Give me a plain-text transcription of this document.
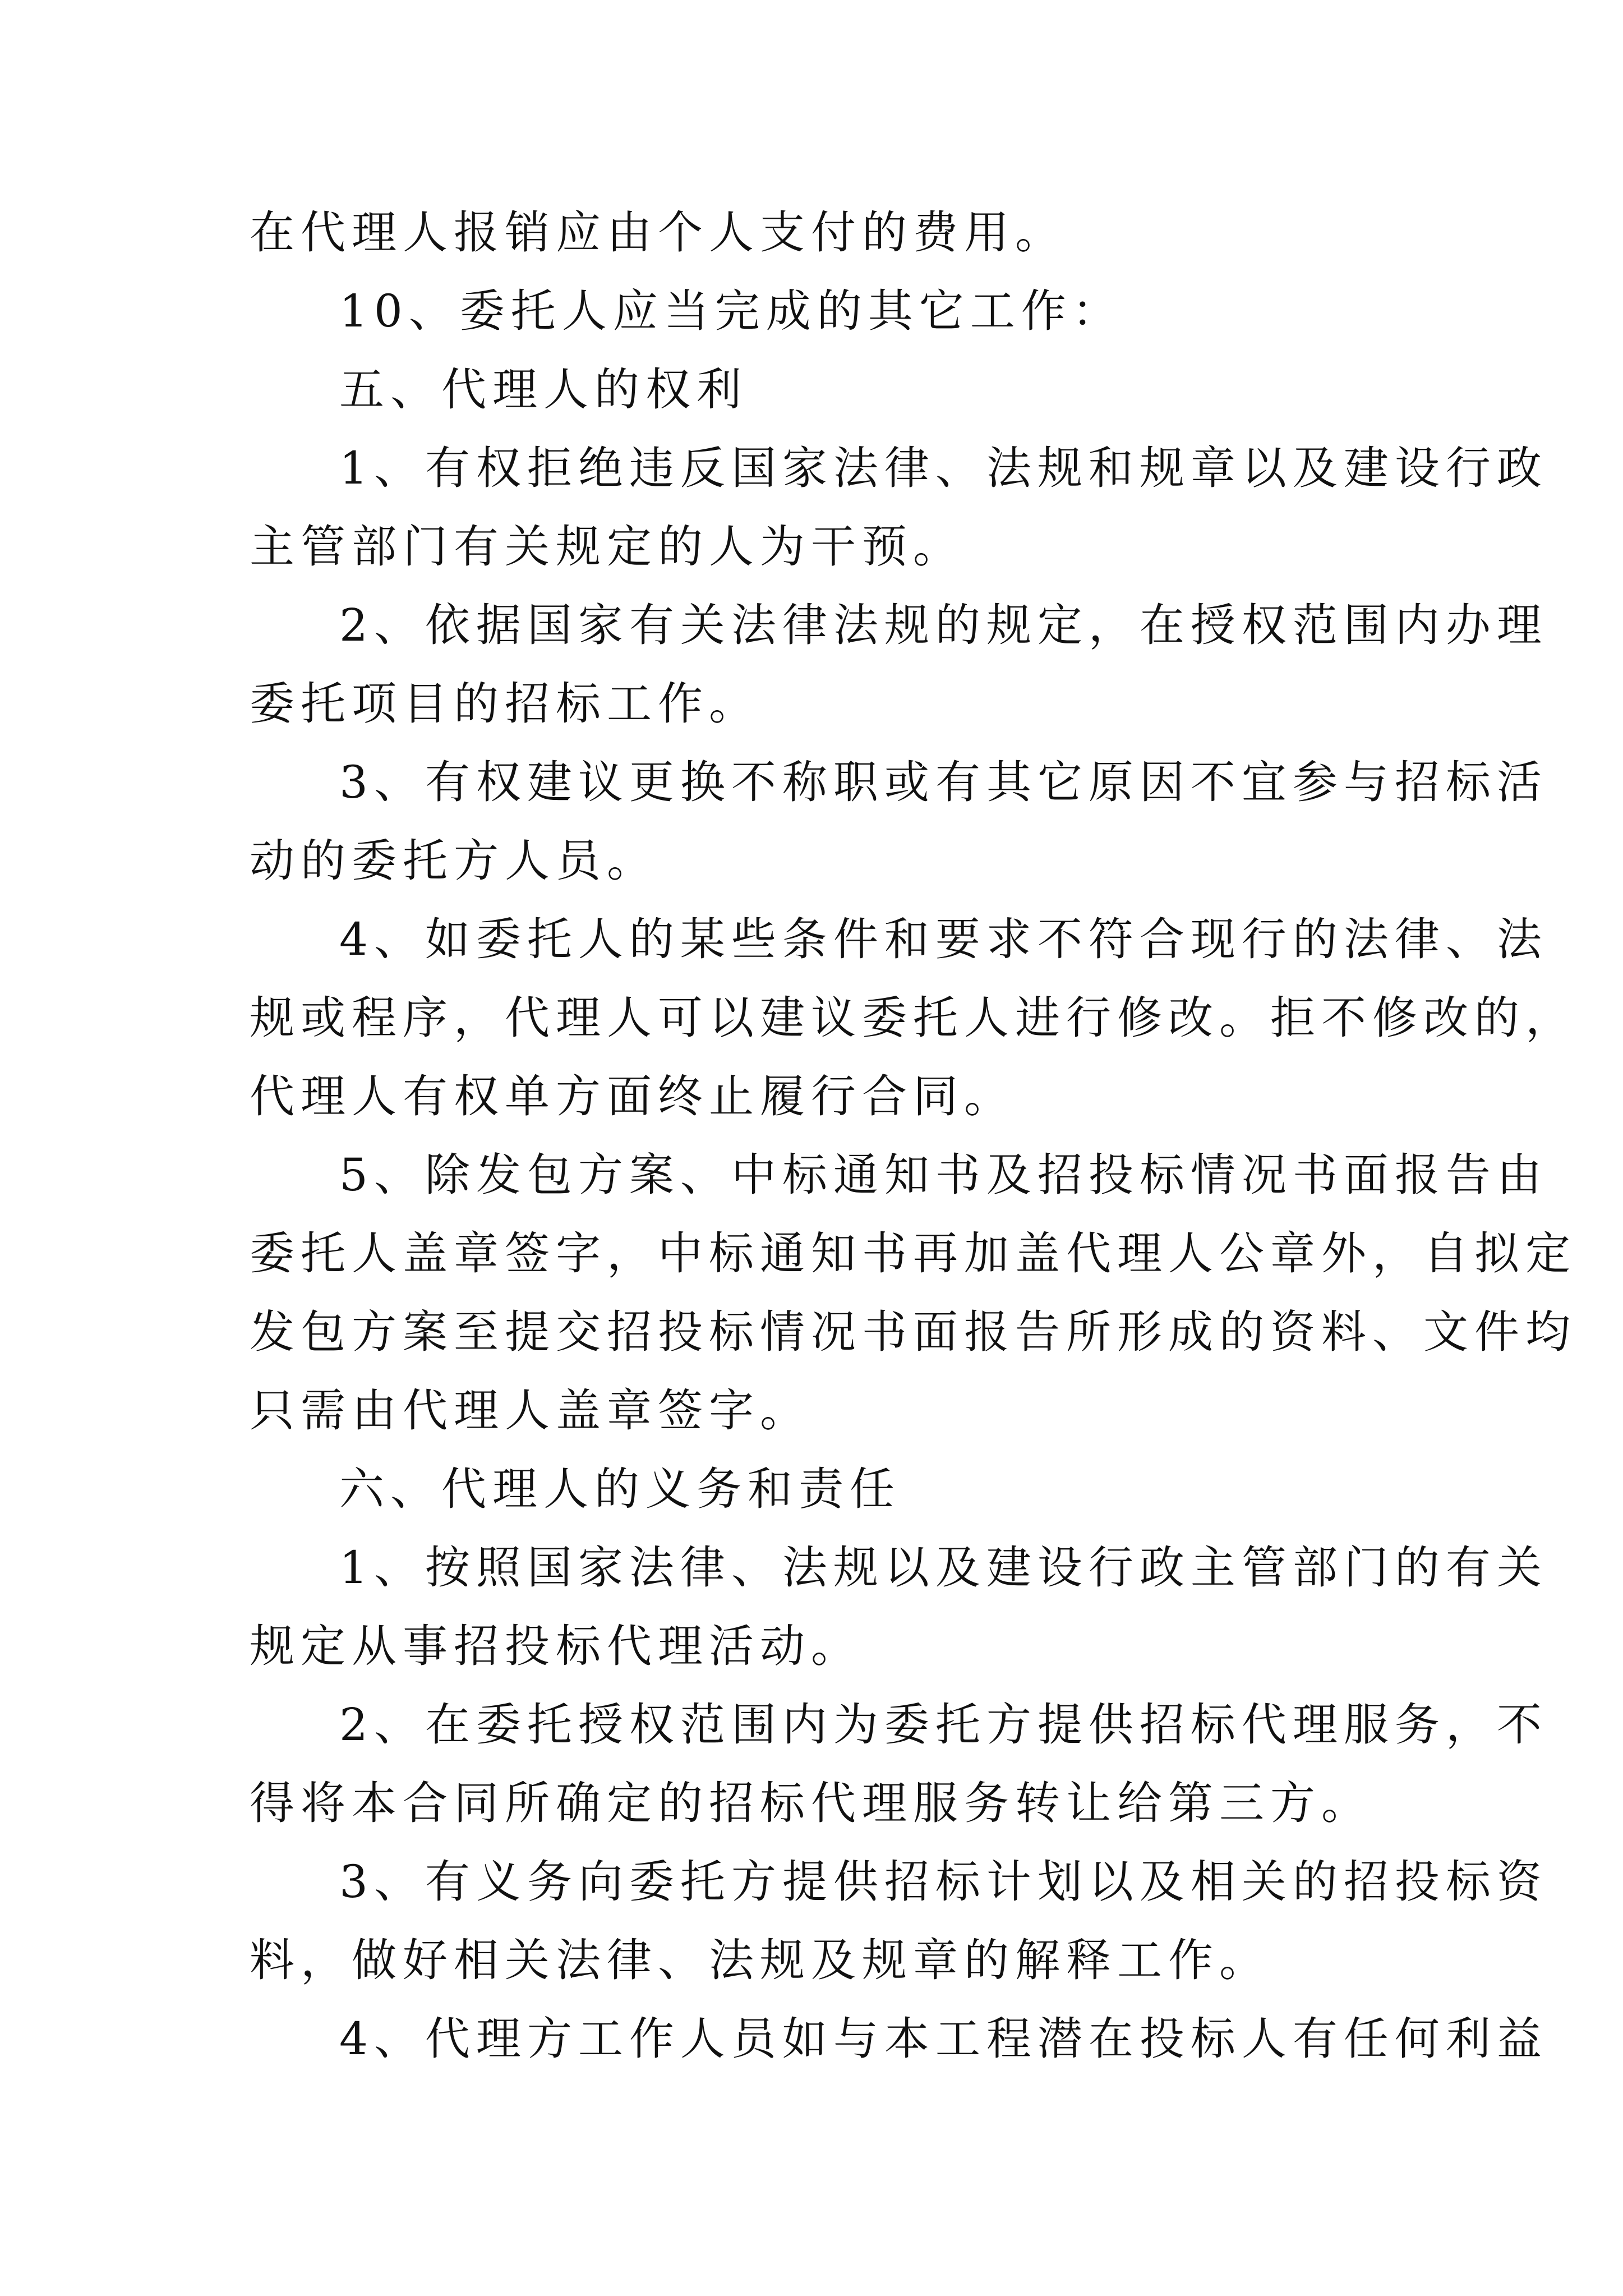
在代理人报销应由个人支付的费用。
10、委托人应当完成的其它工作：
五、代理人的权利
1、有权拒绝违反国家法律、法规和规章以及建设行政
主管部门有关规定的人为干预。
2、依据国家有关法律法规的规定，在授权范围内办理
委托项目的招标工作。
3、有权建议更换不称职或有其它原因不宜参与招标活
动的委托方人员。
4、如委托人的某些条件和要求不符合现行的法律、法
规或程序，代理人可以建议委托人进行修改。拒不修改的，
代理人有权单方面终止履行合同。
5、除发包方案、中标通知书及招投标情况书面报告由
委托人盖章签字，中标通知书再加盖代理人公章外，自拟定
发包方案至提交招投标情况书面报告所形成的资料、文件均
只需由代理人盖章签字。
六、代理人的义务和责任
1、按照国家法律、法规以及建设行政主管部门的有关
规定从事招投标代理活动。
2、在委托授权范围内为委托方提供招标代理服务，不
得将本合同所确定的招标代理服务转让给第三方。
3、有义务向委托方提供招标计划以及相关的招投标资
料，做好相关法律、法规及规章的解释工作。
4、代理方工作人员如与本工程潜在投标人有任何利益
